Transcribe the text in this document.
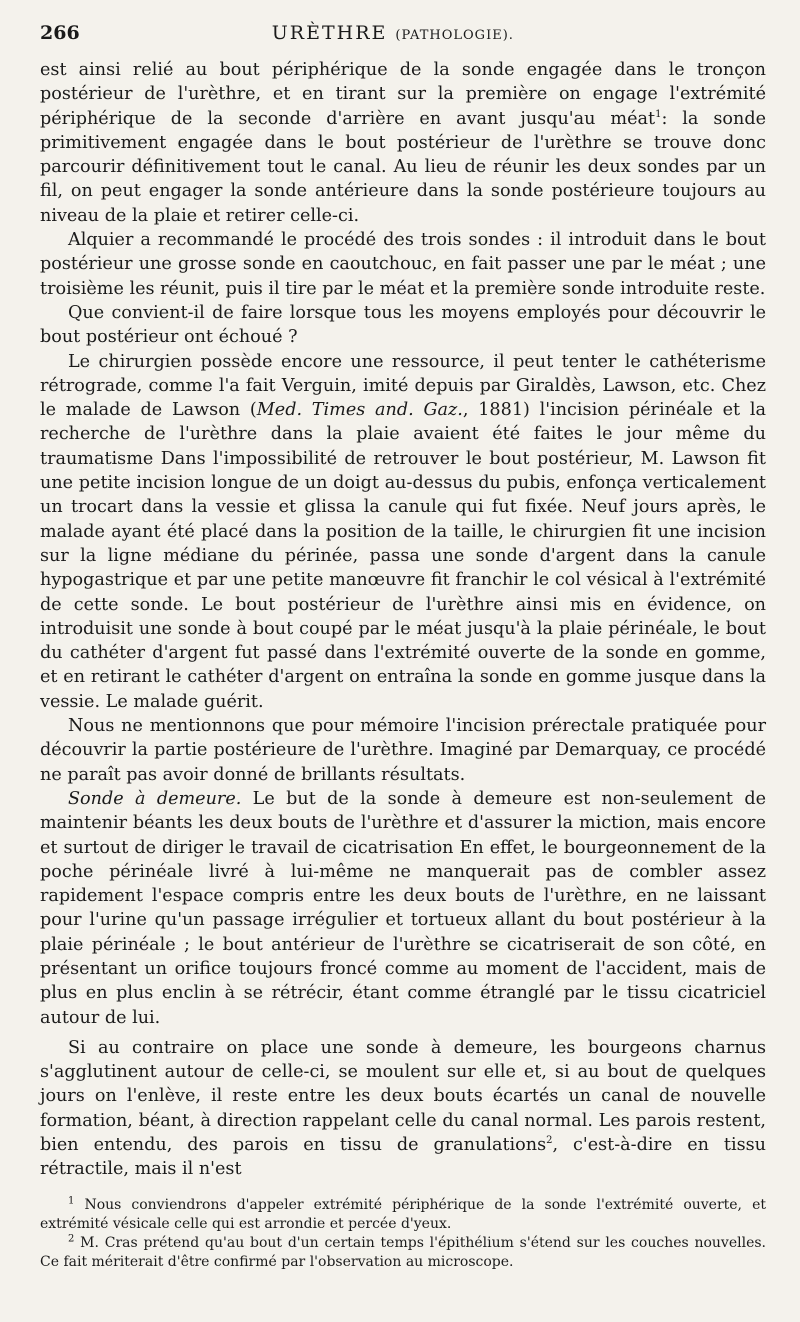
266	URÈTHRE (PATHOLOGIE).

est ainsi relié au bout périphérique de la sonde engagée dans le tronçon postérieur de l'urèthre, et en tirant sur la première on engage l'extrémité périphérique de la seconde d'arrière en avant jusqu'au méat$^1$: la sonde primitivement engagée dans le bout postérieur de l'urèthre se trouve donc parcourir définitivement tout le canal. Au lieu de réunir les deux sondes par un fil, on peut engager la sonde antérieure dans la sonde postérieure toujours au niveau de la plaie et retirer celle-ci.

Alquier a recommandé le procédé des trois sondes : il introduit dans le bout postérieur une grosse sonde en caoutchouc, en fait passer une par le méat ; une troisième les réunit, puis il tire par le méat et la première sonde introduite reste.

Que convient-il de faire lorsque tous les moyens employés pour découvrir le bout postérieur ont échoué ?

Le chirurgien possède encore une ressource, il peut tenter le cathéterisme rétrograde, comme l'a fait Verguin, imité depuis par Giraldès, Lawson, etc. Chez le malade de Lawson (Med. Times and. Gaz., 1881) l'incision périnéale et la recherche de l'urèthre dans la plaie avaient été faites le jour même du traumatisme Dans l'impossibilité de retrouver le bout postérieur, M. Lawson fit une petite incision longue de un doigt au-dessus du pubis, enfonça verticalement un trocart dans la vessie et glissa la canule qui fut fixée. Neuf jours après, le malade ayant été placé dans la position de la taille, le chirurgien fit une incision sur la ligne médiane du périnée, passa une sonde d'argent dans la canule hypogastrique et par une petite manœuvre fit franchir le col vésical à l'extrémité de cette sonde. Le bout postérieur de l'urèthre ainsi mis en évidence, on introduisit une sonde à bout coupé par le méat jusqu'à la plaie périnéale, le bout du cathéter d'argent fut passé dans l'extrémité ouverte de la sonde en gomme, et en retirant le cathéter d'argent on entraîna la sonde en gomme jusque dans la vessie. Le malade guérit.

Nous ne mentionnons que pour mémoire l'incision prérectale pratiquée pour découvrir la partie postérieure de l'urèthre. Imaginé par Demarquay, ce procédé ne paraît pas avoir donné de brillants résultats.

Sonde à demeure. Le but de la sonde à demeure est non-seulement de maintenir béants les deux bouts de l'urèthre et d'assurer la miction, mais encore et surtout de diriger le travail de cicatrisation En effet, le bourgeonnement de la poche périnéale livré à lui-même ne manquerait pas de combler assez rapidement l'espace compris entre les deux bouts de l'urèthre, en ne laissant pour l'urine qu'un passage irrégulier et tortueux allant du bout postérieur à la plaie périnéale ; le bout antérieur de l'urèthre se cicatriserait de son côté, en présentant un orifice toujours froncé comme au moment de l'accident, mais de plus en plus enclin à se rétrécir, étant comme étranglé par le tissu cicatriciel autour de lui.

Si au contraire on place une sonde à demeure, les bourgeons charnus s'agglutinent autour de celle-ci, se moulent sur elle et, si au bout de quelques jours on l'enlève, il reste entre les deux bouts écartés un canal de nouvelle formation, béant, à direction rappelant celle du canal normal. Les parois restent, bien entendu, des parois en tissu de granulations$^2$, c'est-à-dire en tissu rétractile, mais il n'est

$^1$ Nous conviendrons d'appeler extrémité périphérique de la sonde l'extrémité ouverte, et extrémité vésicale celle qui est arrondie et percée d'yeux.

$^2$ M. Cras prétend qu'au bout d'un certain temps l'épithélium s'étend sur les couches nouvelles. Ce fait mériterait d'être confirmé par l'observation au microscope.
